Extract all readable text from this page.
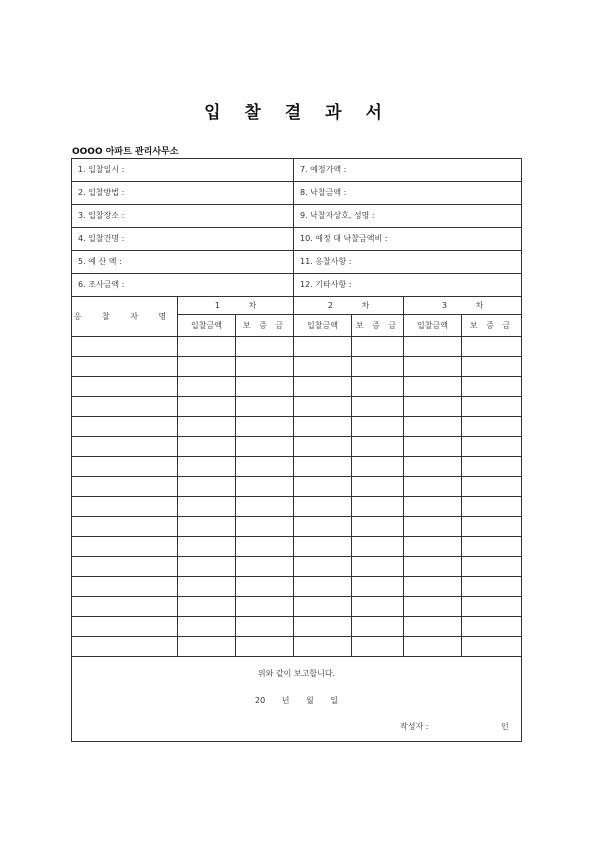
입 찰 결 과 서
OOOO 아파트 관리사무소
1. 입찰일시 :	7. 예정가액 :
2. 입찰방법 :	8. 낙찰금액 :
3. 입찰장소 :	9. 낙찰자상호, 성명 :
4. 입찰건명 :	10. 예정 대 낙찰금액비 :
5. 예 산 액 :	11. 응찰사항 :
6. 조사금액 :	12. 기타사항 :
응 찰 자 명
1 차	2 차	3 차
입찰금액	보 증 금	입찰금액	보 증 금	입찰금액	보 증 금
위와 같이 보고합니다.
20 년 월 일
작성자 :	인
